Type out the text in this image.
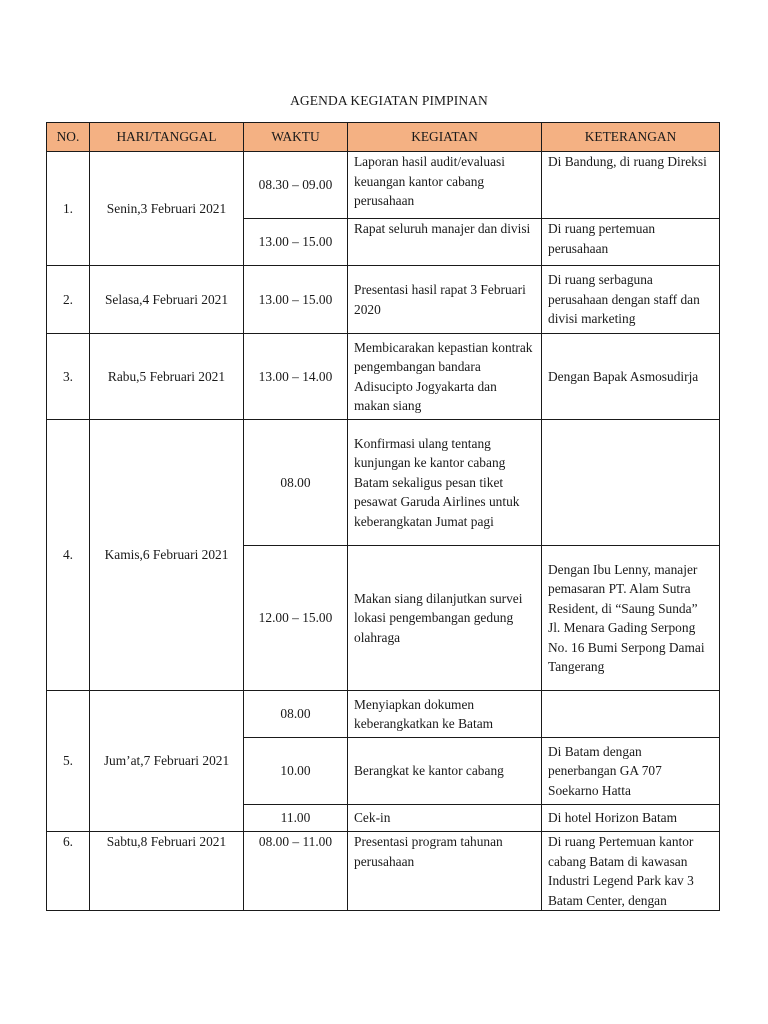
AGENDA KEGIATAN PIMPINAN
NO.	HARI/TANGGAL	WAKTU	KEGIATAN	KETERANGAN
1.	Senin,3 Februari 2021	08.30 – 09.00	Laporan hasil audit/evaluasi keuangan kantor cabang perusahaan	Di Bandung, di ruang Direksi
		13.00 – 15.00	Rapat seluruh manajer dan divisi	Di ruang pertemuan perusahaan
2.	Selasa,4 Februari 2021	13.00 – 15.00	Presentasi hasil rapat 3 Februari 2020	Di ruang serbaguna perusahaan dengan staff dan divisi marketing
3.	Rabu,5 Februari 2021	13.00 – 14.00	Membicarakan kepastian kontrak pengembangan bandara Adisucipto Jogyakarta dan makan siang	Dengan Bapak Asmosudirja
4.	Kamis,6 Februari 2021	08.00	Konfirmasi ulang tentang kunjungan ke kantor cabang Batam sekaligus pesan tiket pesawat Garuda Airlines untuk keberangkatan Jumat pagi	
		12.00 – 15.00	Makan siang dilanjutkan survei lokasi pengembangan gedung olahraga	Dengan Ibu Lenny, manajer pemasaran PT. Alam Sutra Resident, di “Saung Sunda” Jl. Menara Gading Serpong No. 16 Bumi Serpong Damai Tangerang
5.	Jum’at,7 Februari 2021	08.00	Menyiapkan dokumen keberangkatkan ke Batam	
		10.00	Berangkat ke kantor cabang	Di Batam dengan penerbangan GA 707 Soekarno Hatta
		11.00	Cek-in	Di hotel Horizon Batam
6.	Sabtu,8 Februari 2021	08.00 – 11.00	Presentasi program tahunan perusahaan	Di ruang Pertemuan kantor cabang Batam di kawasan Industri Legend Park kav 3 Batam Center, dengan
